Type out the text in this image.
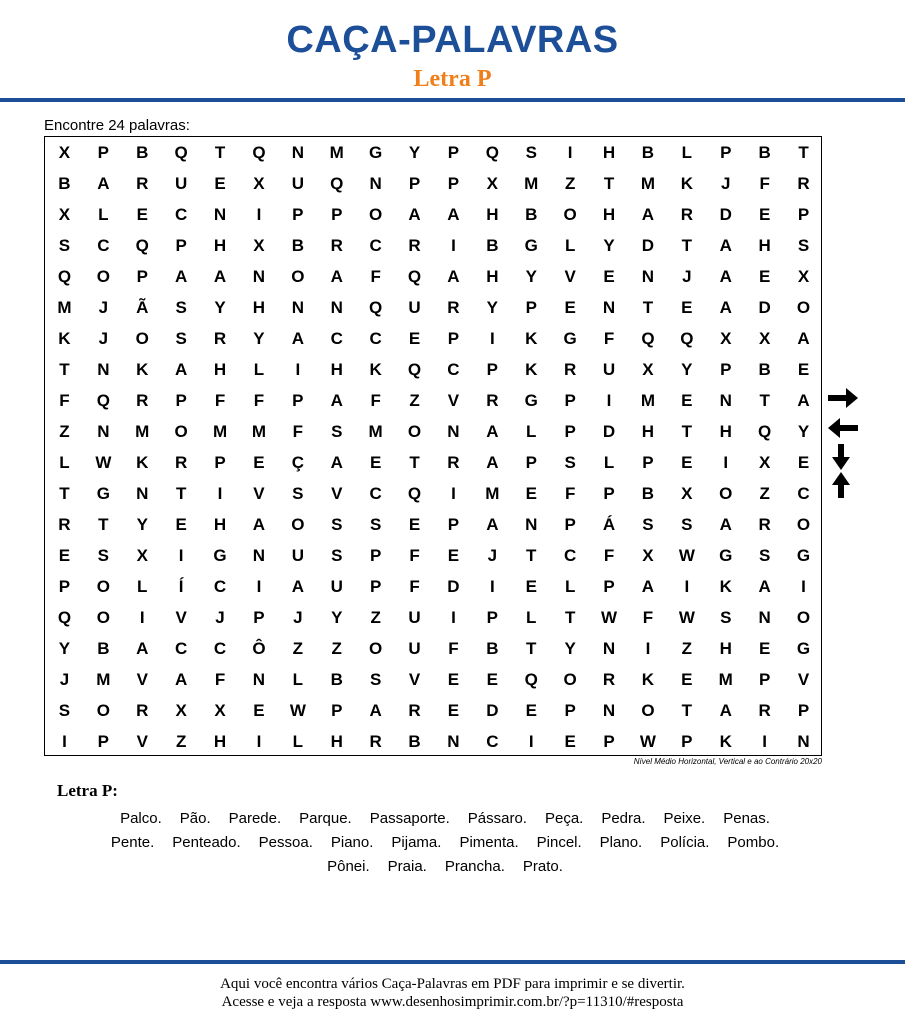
CAÇA-PALAVRAS
Letra P
Encontre 24 palavras:
X	P	B	Q	T	Q	N	M	G	Y	P	Q	S	I	H	B	L	P	B	T
B	A	R	U	E	X	U	Q	N	P	P	X	M	Z	T	M	K	J	F	R
X	L	E	C	N	I	P	P	O	A	A	H	B	O	H	A	R	D	E	P
S	C	Q	P	H	X	B	R	C	R	I	B	G	L	Y	D	T	A	H	S
Q	O	P	A	A	N	O	A	F	Q	A	H	Y	V	E	N	J	A	E	X
M	J	Ã	S	Y	H	N	N	Q	U	R	Y	P	E	N	T	E	A	D	O
K	J	O	S	R	Y	A	C	C	E	P	I	K	G	F	Q	Q	X	X	A
T	N	K	A	H	L	I	H	K	Q	C	P	K	R	U	X	Y	P	B	E
F	Q	R	P	F	F	P	A	F	Z	V	R	G	P	I	M	E	N	T	A
Z	N	M	O	M	M	F	S	M	O	N	A	L	P	D	H	T	H	Q	Y
L	W	K	R	P	E	Ç	A	E	T	R	A	P	S	L	P	E	I	X	E
T	G	N	T	I	V	S	V	C	Q	I	M	E	F	P	B	X	O	Z	C
R	T	Y	E	H	A	O	S	S	E	P	A	N	P	Á	S	S	A	R	O
E	S	X	I	G	N	U	S	P	F	E	J	T	C	F	X	W	G	S	G
P	O	L	Í	C	I	A	U	P	F	D	I	E	L	P	A	I	K	A	I
Q	O	I	V	J	P	J	Y	Z	U	I	P	L	T	W	F	W	S	N	O
Y	B	A	C	C	Ô	Z	Z	O	U	F	B	T	Y	N	I	Z	H	E	G
J	M	V	A	F	N	L	B	S	V	E	E	Q	O	R	K	E	M	P	V
S	O	R	X	X	E	W	P	A	R	E	D	E	P	N	O	T	A	R	P
I	P	V	Z	H	I	L	H	R	B	N	C	I	E	P	W	P	K	I	N
Nível Médio Horizontal, Vertical e ao Contrário 20x20
Letra P:
Palco. Pão. Parede. Parque. Passaporte. Pássaro. Peça. Pedra. Peixe. Penas.
Pente. Penteado. Pessoa. Piano. Pijama. Pimenta. Pincel. Plano. Polícia. Pombo.
Pônei. Praia. Prancha. Prato.
Aqui você encontra vários Caça-Palavras em PDF para imprimir e se divertir.
Acesse e veja a resposta www.desenhosimprimir.com.br/?p=11310/#resposta
